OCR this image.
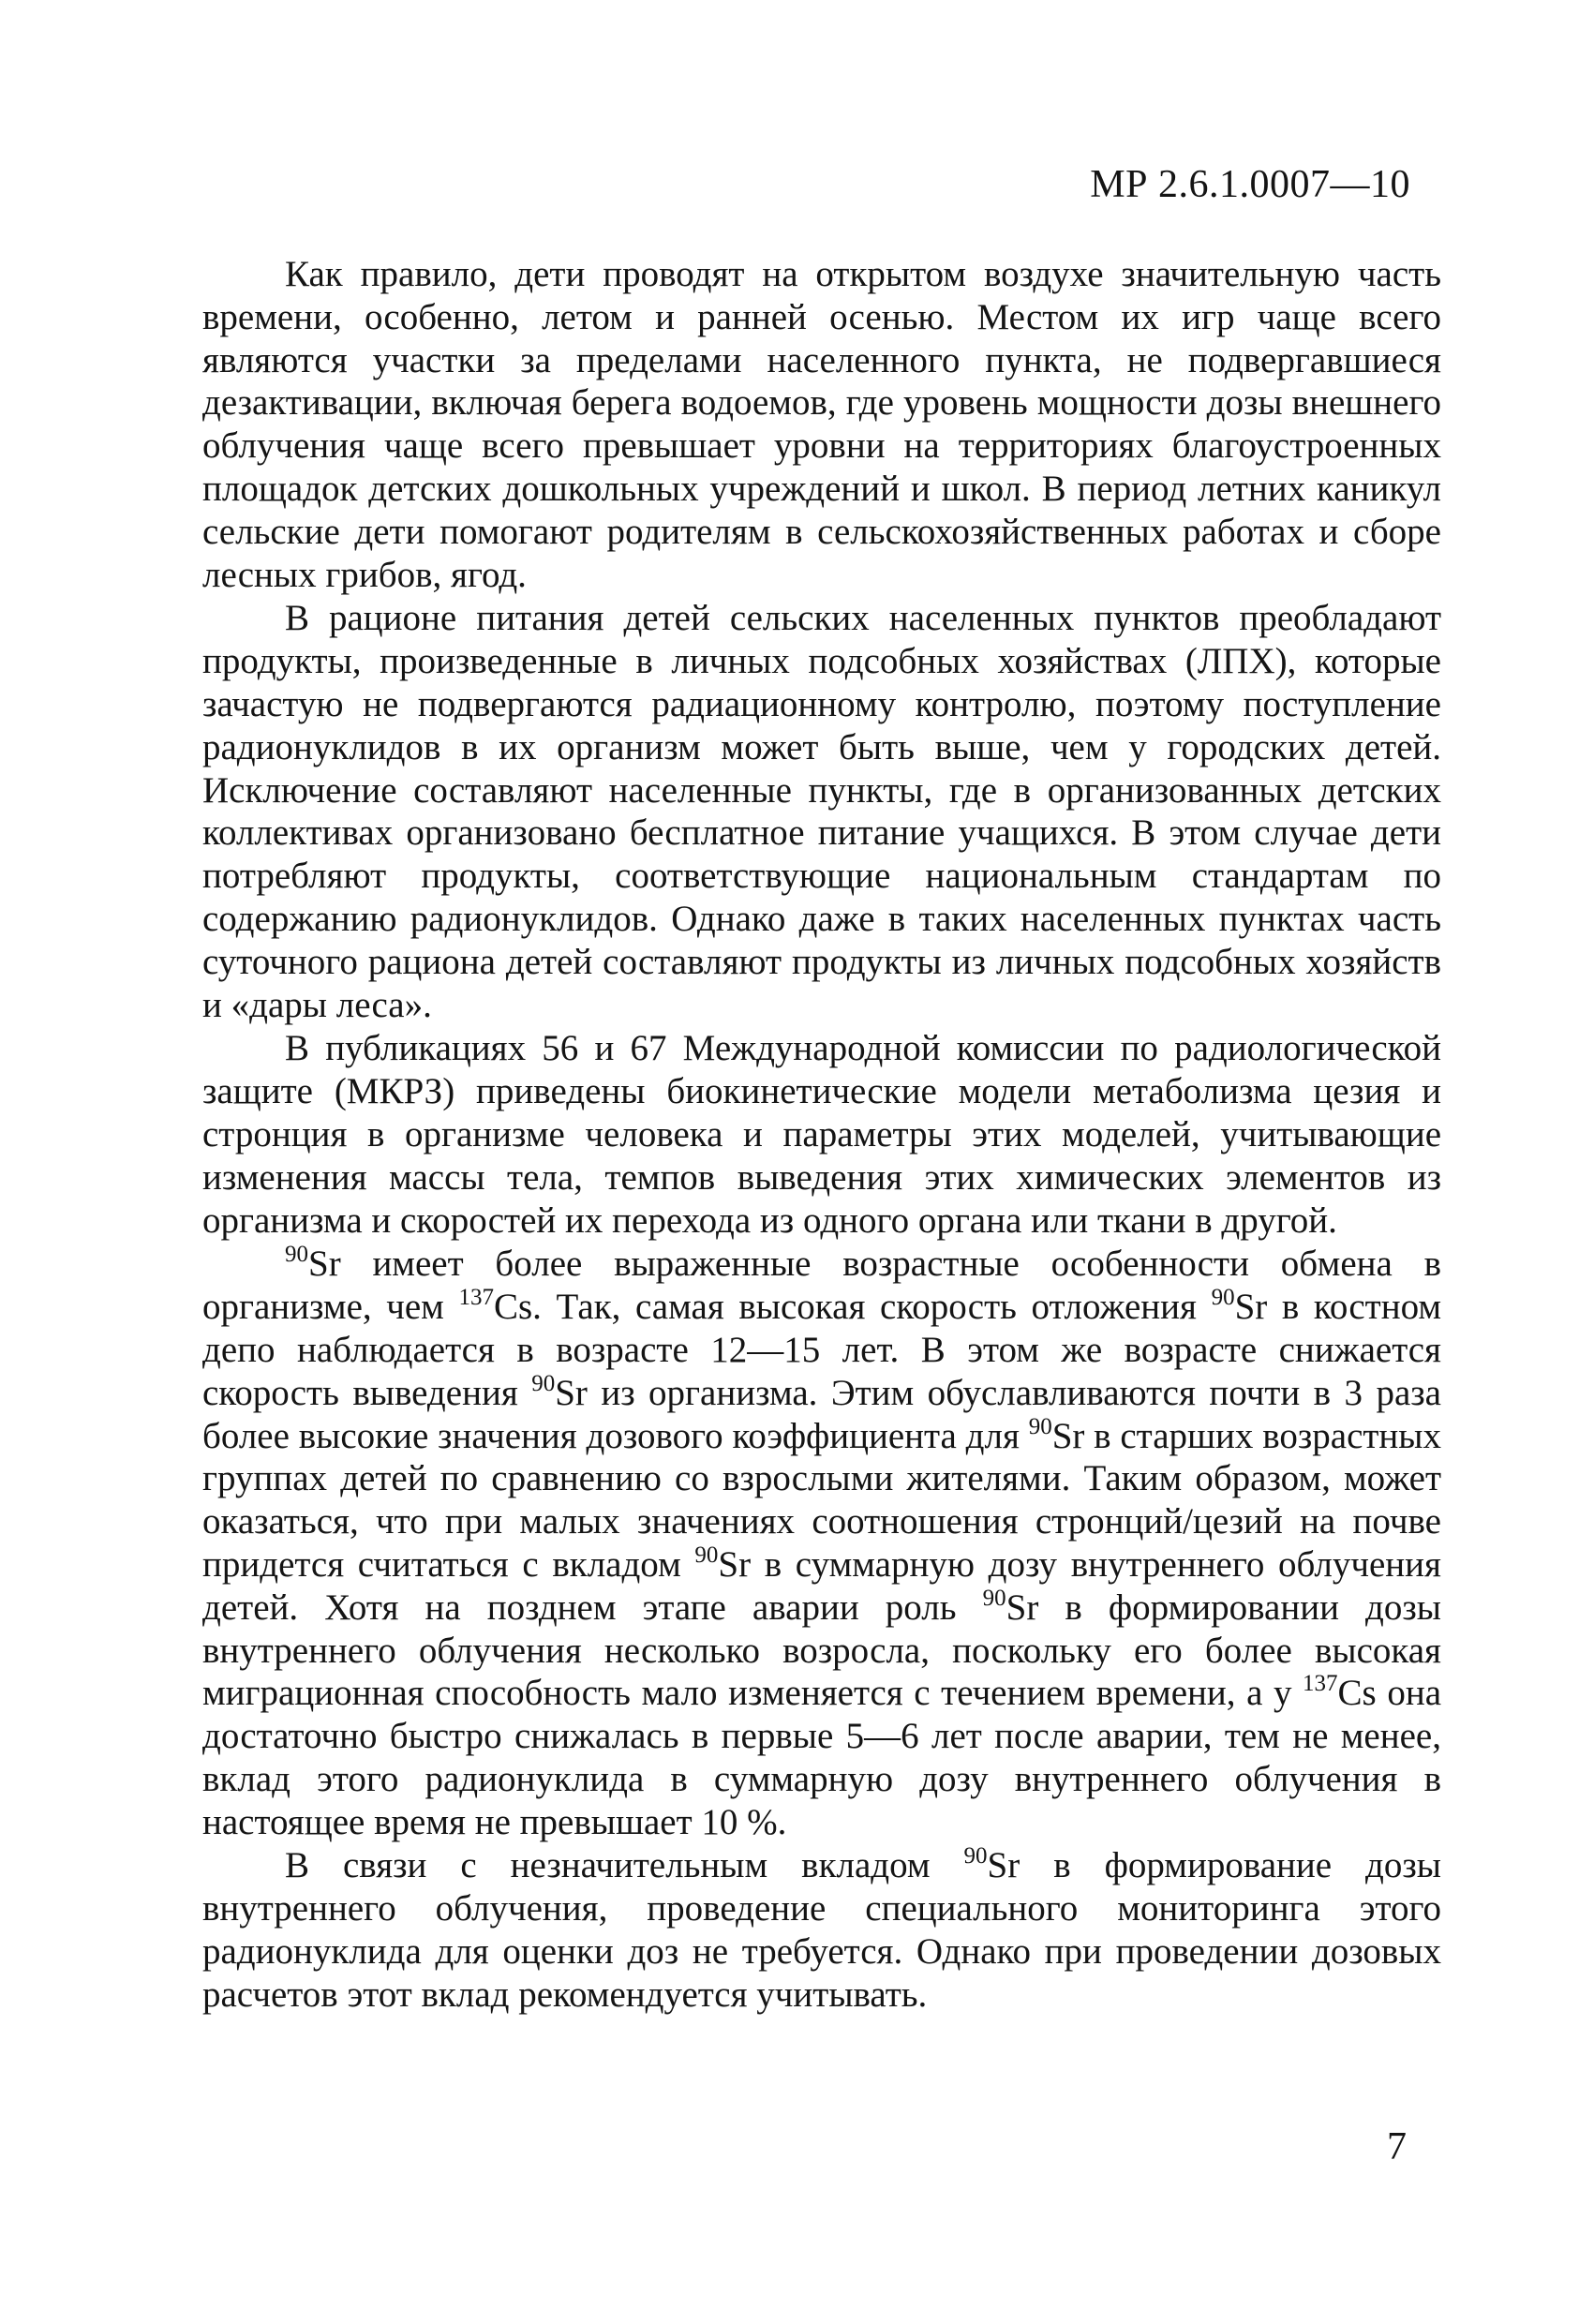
МР 2.6.1.0007—10

Как правило, дети проводят на открытом воздухе значительную часть времени, особенно, летом и ранней осенью. Местом их игр чаще всего являются участки за пределами населенного пункта, не подвергавшиеся дезактивации, включая берега водоемов, где уровень мощности дозы внешнего облучения чаще всего превышает уровни на территориях благоустроенных площадок детских дошкольных учреждений и школ. В период летних каникул сельские дети помогают родителям в сельскохозяйственных работах и сборе лесных грибов, ягод.

В рационе питания детей сельских населенных пунктов преобладают продукты, произведенные в личных подсобных хозяйствах (ЛПХ), которые зачастую не подвергаются радиационному контролю, поэтому поступление радионуклидов в их организм может быть выше, чем у городских детей. Исключение составляют населенные пункты, где в организованных детских коллективах организовано бесплатное питание учащихся. В этом случае дети потребляют продукты, соответствующие национальным стандартам по содержанию радионуклидов. Однако даже в таких населенных пунктах часть суточного рациона детей составляют продукты из личных подсобных хозяйств и «дары леса».

В публикациях 56 и 67 Международной комиссии по радиологической защите (МКРЗ) приведены биокинетические модели метаболизма цезия и стронция в организме человека и параметры этих моделей, учитывающие изменения массы тела, темпов выведения этих химических элементов из организма и скоростей их перехода из одного органа или ткани в другой.

$^{90}$Sr имеет более выраженные возрастные особенности обмена в организме, чем $^{137}$Cs. Так, самая высокая скорость отложения $^{90}$Sr в костном депо наблюдается в возрасте 12—15 лет. В этом же возрасте снижается скорость выведения $^{90}$Sr из организма. Этим обуславливаются почти в 3 раза более высокие значения дозового коэффициента для $^{90}$Sr в старших возрастных группах детей по сравнению со взрослыми жителями. Таким образом, может оказаться, что при малых значениях соотношения стронций/цезий на почве придется считаться с вкладом $^{90}$Sr в суммарную дозу внутреннего облучения детей. Хотя на позднем этапе аварии роль $^{90}$Sr в формировании дозы внутреннего облучения несколько возросла, поскольку его более высокая миграционная способность мало изменяется с течением времени, а у $^{137}$Cs она достаточно быстро снижалась в первые 5—6 лет после аварии, тем не менее, вклад этого радионуклида в суммарную дозу внутреннего облучения в настоящее время не превышает 10 %.

В связи с незначительным вкладом $^{90}$Sr в формирование дозы внутреннего облучения, проведение специального мониторинга этого радионуклида для оценки доз не требуется. Однако при проведении дозовых расчетов этот вклад рекомендуется учитывать.

7
